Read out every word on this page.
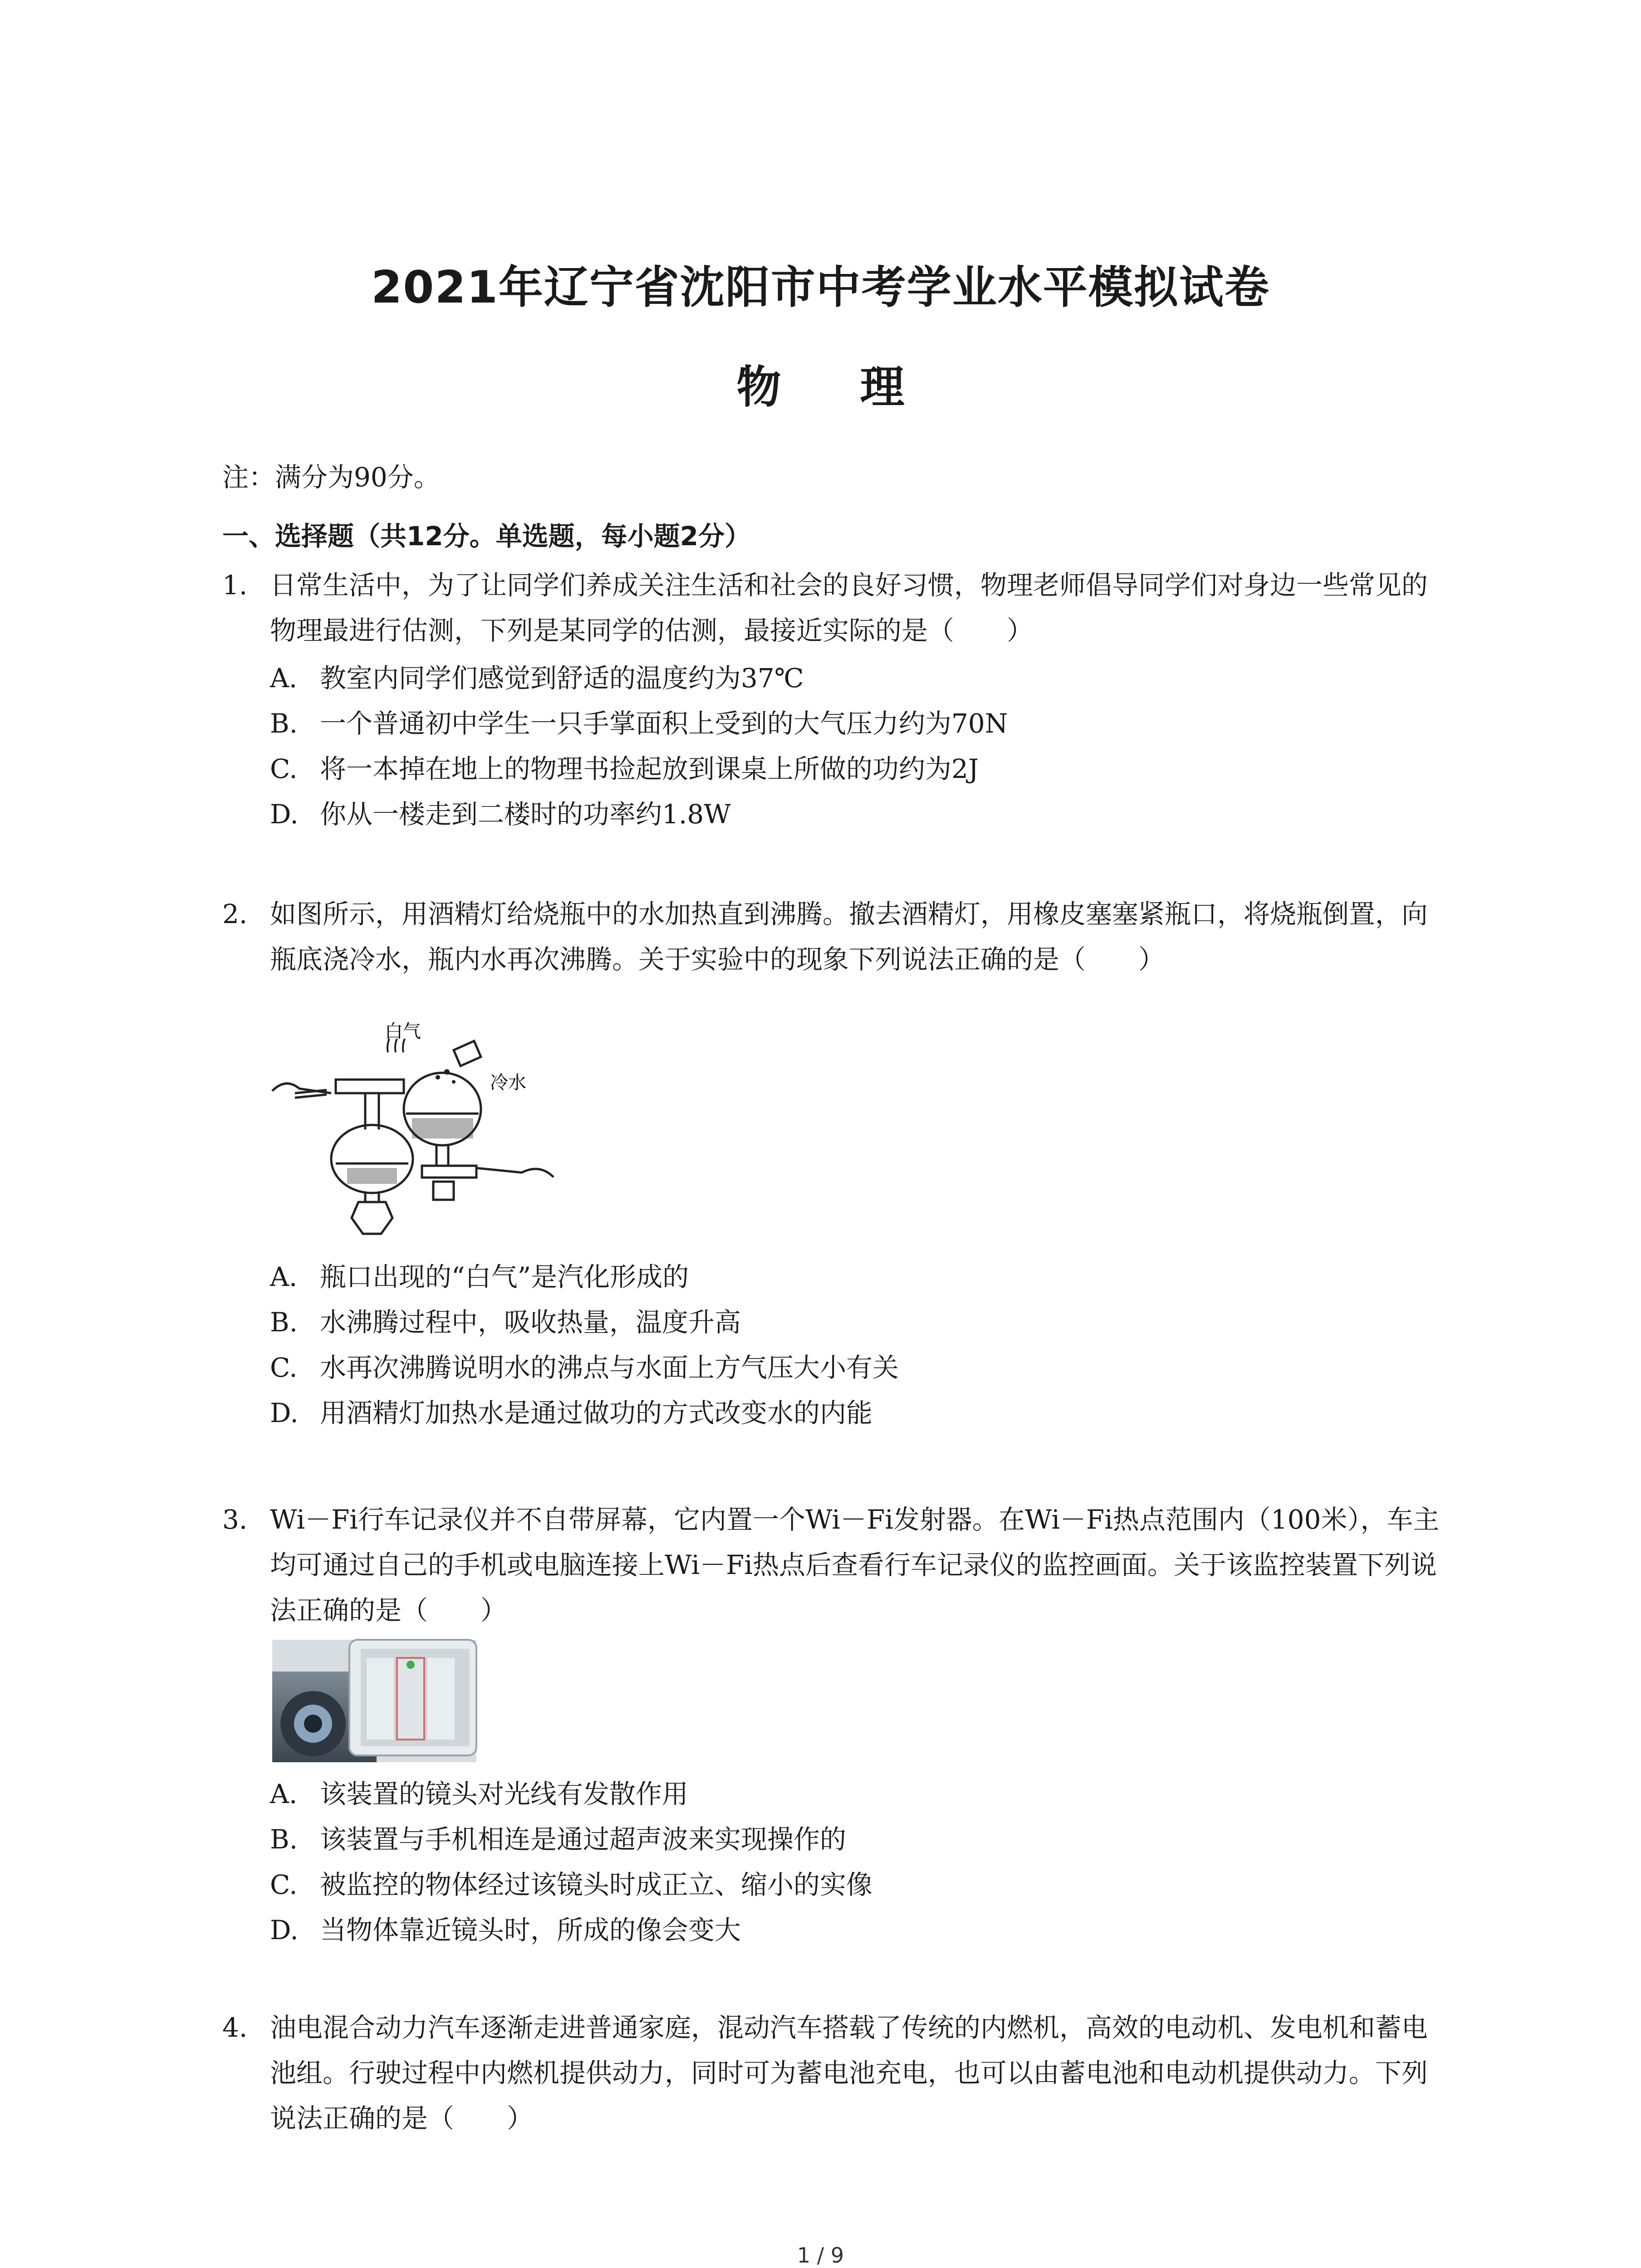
2021年辽宁省沈阳市中考学业水平模拟试卷
物 理
注：满分为90分。
一、选择题（共12分。单选题，每小题2分）
1. 日常生活中，为了让同学们养成关注生活和社会的良好习惯，物理老师倡导同学们对身边一些常见的物理最进行估测，下列是某同学的估测，最接近实际的是（　　）
A. 教室内同学们感觉到舒适的温度约为37℃
B. 一个普通初中学生一只手掌面积上受到的大气压力约为70N
C. 将一本掉在地上的物理书捡起放到课桌上所做的功约为2J
D. 你从一楼走到二楼时的功率约1.8W
2. 如图所示，用酒精灯给烧瓶中的水加热直到沸腾。撤去酒精灯，用橡皮塞塞紧瓶口，将烧瓶倒置，向瓶底浇冷水，瓶内水再次沸腾。关于实验中的现象下列说法正确的是（　　）
白气
冷水
A. 瓶口出现的“白气”是汽化形成的
B. 水沸腾过程中，吸收热量，温度升高
C. 水再次沸腾说明水的沸点与水面上方气压大小有关
D. 用酒精灯加热水是通过做功的方式改变水的内能
3. Wi－Fi行车记录仪并不自带屏幕，它内置一个Wi－Fi发射器。在Wi－Fi热点范围内（100米），车主均可通过自己的手机或电脑连接上Wi－Fi热点后查看行车记录仪的监控画面。关于该监控装置下列说法正确的是（　　）
A. 该装置的镜头对光线有发散作用
B. 该装置与手机相连是通过超声波来实现操作的
C. 被监控的物体经过该镜头时成正立、缩小的实像
D. 当物体靠近镜头时，所成的像会变大
4. 油电混合动力汽车逐渐走进普通家庭，混动汽车搭载了传统的内燃机，高效的电动机、发电机和蓄电池组。行驶过程中内燃机提供动力，同时可为蓄电池充电，也可以由蓄电池和电动机提供动力。下列说法正确的是（　　）
1 / 9
